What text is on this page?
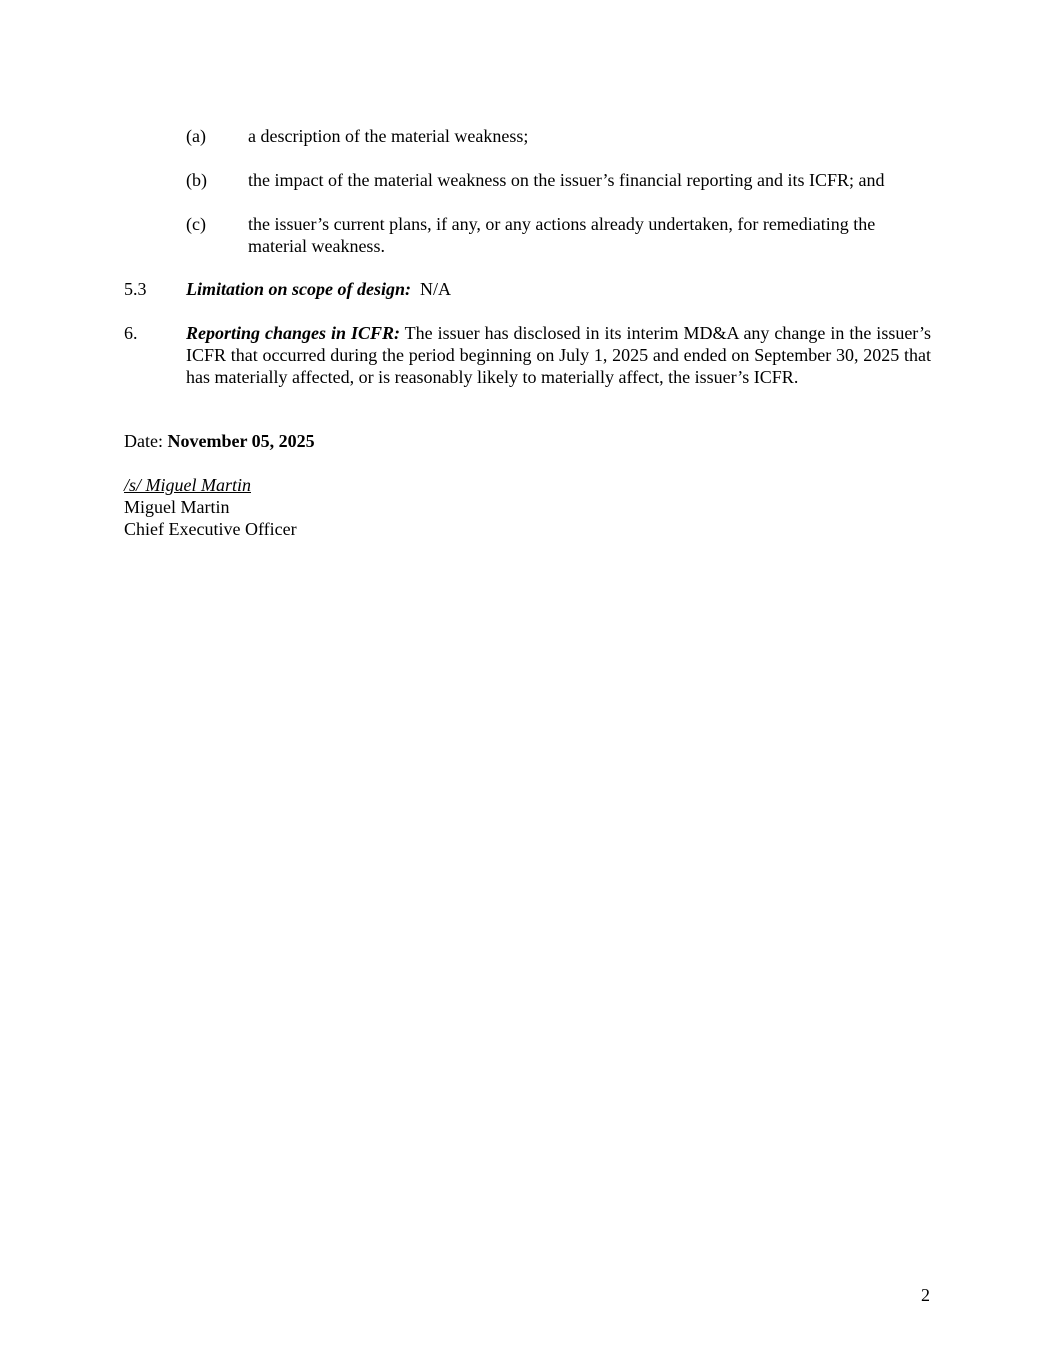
(a) a description of the material weakness;
(b) the impact of the material weakness on the issuer’s financial reporting and its ICFR; and
(c) the issuer’s current plans, if any, or any actions already undertaken, for remediating the material weakness.
5.3 Limitation on scope of design: N/A
6.	Reporting changes in ICFR: The issuer has disclosed in its interim MD&A any change in the issuer’s ICFR that occurred during the period beginning on July 1, 2025 and ended on September 30, 2025 that has materially affected, or is reasonably likely to materially affect, the issuer’s ICFR.
Date: November 05, 2025
/s/ Miguel Martin
Miguel Martin
Chief Executive Officer
2
